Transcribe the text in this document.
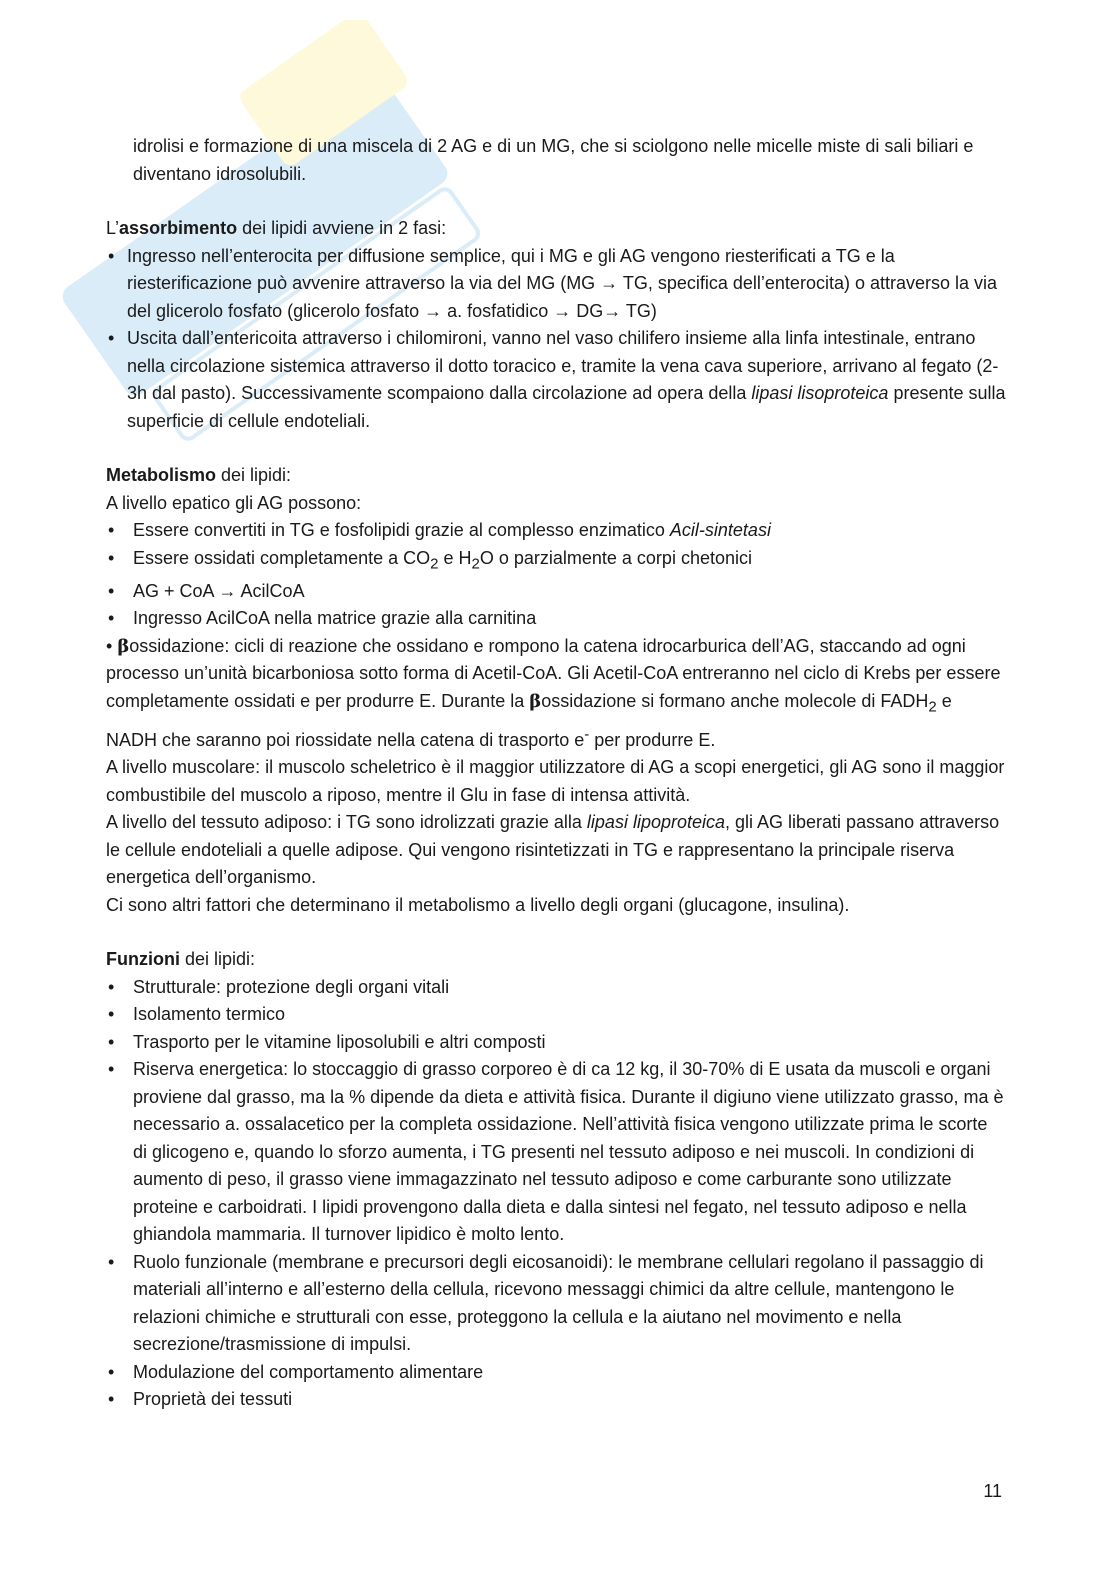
idrolisi e formazione di una miscela di 2 AG e di un MG, che si sciolgono nelle micelle miste di sali biliari e diventano idrosolubili.

L’assorbimento dei lipidi avviene in 2 fasi:

• Ingresso nell’enterocita per diffusione semplice, qui i MG e gli AG vengono riesterificati a TG e la riesterificazione può avvenire attraverso la via del MG (MG → TG, specifica dell’enterocita) o attraverso la via del glicerolo fosfato (glicerolo fosfato → a. fosfatidico → DG→ TG)
• Uscita dall’entericoita attraverso i chilomironi, vanno nel vaso chilifero insieme alla linfa intestinale, entrano nella circolazione sistemica attraverso il dotto toracico e, tramite la vena cava superiore, arrivano al fegato (2-3h dal pasto). Successivamente scompaiono dalla circolazione ad opera della lipasi lisoproteica presente sulla superficie di cellule endoteliali.

Metabolismo dei lipidi:

A livello epatico gli AG possono:

• Essere convertiti in TG e fosfolipidi grazie al complesso enzimatico Acil-sintetasi
• Essere ossidati completamente a $CO_2$ e $H_2O$ o parzialmente a corpi chetonici
• AG + CoA → AcilCoA
• Ingresso AcilCoA nella matrice grazie alla carnitina

• βossidazione: cicli di reazione che ossidano e rompono la catena idrocarburica dell’AG, staccando ad ogni processo un’unità bicarboniosa sotto forma di Acetil-CoA. Gli Acetil-CoA entreranno nel ciclo di Krebs per essere completamente ossidati e per produrre E. Durante la βossidazione si formano anche molecole di $FADH_2$ e NADH che saranno poi riossidate nella catena di trasporto e- per produrre E.

A livello muscolare: il muscolo scheletrico è il maggior utilizzatore di AG a scopi energetici, gli AG sono il maggior combustibile del muscolo a riposo, mentre il Glu in fase di intensa attività.

A livello del tessuto adiposo: i TG sono idrolizzati grazie alla lipasi lipoproteica, gli AG liberati passano attraverso le cellule endoteliali a quelle adipose. Qui vengono risintetizzati in TG e rappresentano la principale riserva energetica dell’organismo.

Ci sono altri fattori che determinano il metabolismo a livello degli organi (glucagone, insulina).

Funzioni dei lipidi:

• Strutturale: protezione degli organi vitali
• Isolamento termico
• Trasporto per le vitamine liposolubili e altri composti
• Riserva energetica: lo stoccaggio di grasso corporeo è di ca 12 kg, il 30-70% di E usata da muscoli e organi proviene dal grasso, ma la % dipende da dieta e attività fisica. Durante il digiuno viene utilizzato grasso, ma è necessario a. ossalacetico per la completa ossidazione. Nell’attività fisica vengono utilizzate prima le scorte di glicogeno e, quando lo sforzo aumenta, i TG presenti nel tessuto adiposo e nei muscoli. In condizioni di aumento di peso, il grasso viene immagazzinato nel tessuto adiposo e come carburante sono utilizzate proteine e carboidrati. I lipidi provengono dalla dieta e dalla sintesi nel fegato, nel tessuto adiposo e nella ghiandola mammaria. Il turnover lipidico è molto lento.
• Ruolo funzionale (membrane e precursori degli eicosanoidi): le membrane cellulari regolano il passaggio di materiali all’interno e all’esterno della cellula, ricevono messaggi chimici da altre cellule, mantengono le relazioni chimiche e strutturali con esse, proteggono la cellula e la aiutano nel movimento e nella secrezione/trasmissione di impulsi.
• Modulazione del comportamento alimentare
• Proprietà dei tessuti
11
